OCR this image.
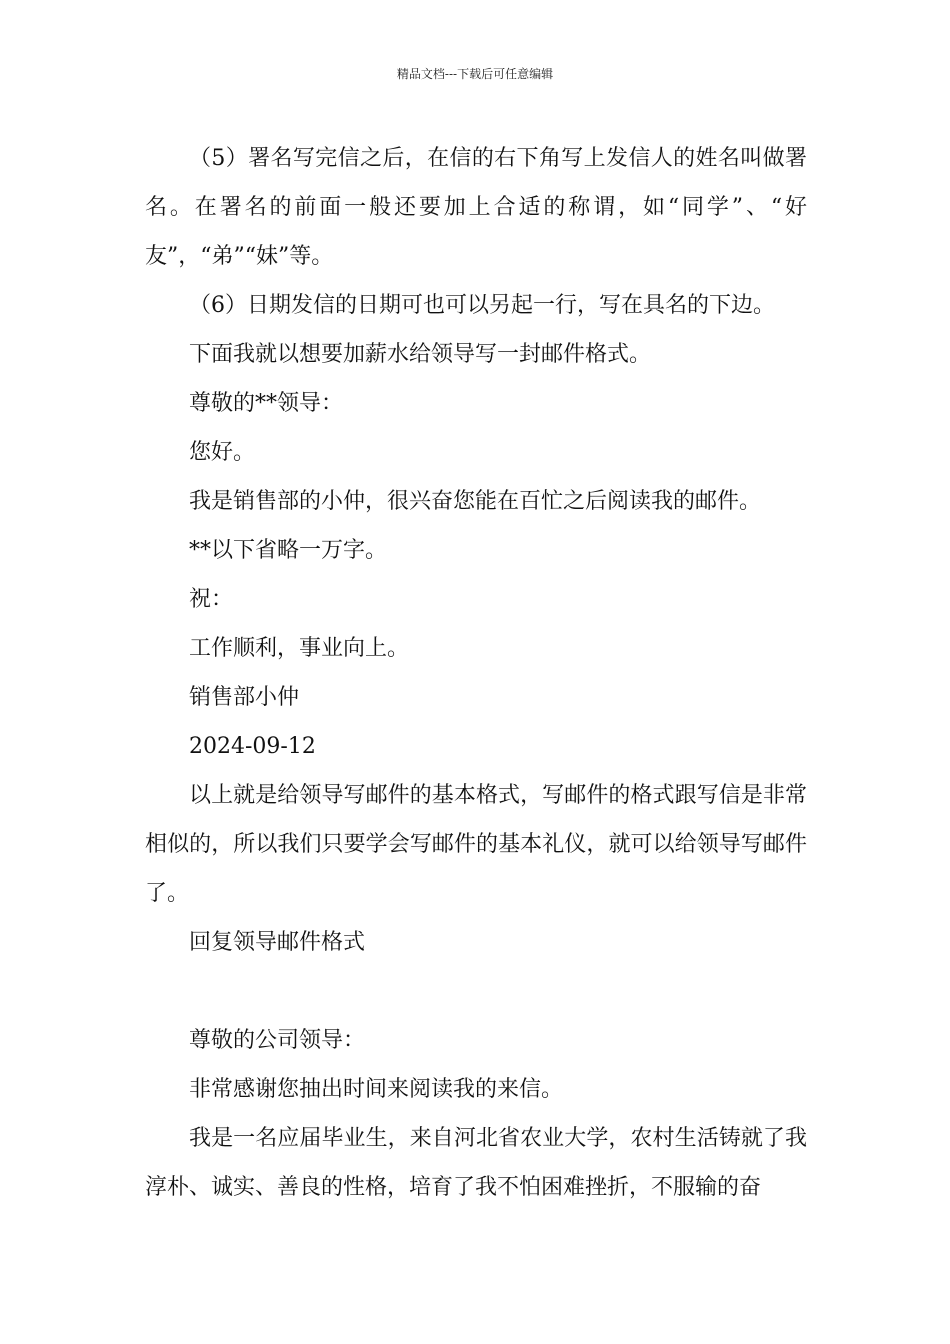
精品文档---下载后可任意编辑

（5）署名写完信之后，在信的右下角写上发信人的姓名叫做署名。在署名的前面一般还要加上合适的称谓，如“同学”、“好友”，“弟”“妹”等。

（6）日期发信的日期可也可以另起一行，写在具名的下边。

下面我就以想要加薪水给领导写一封邮件格式。

尊敬的**领导：

您好。

我是销售部的小仲，很兴奋您能在百忙之后阅读我的邮件。

**以下省略一万字。

祝：

工作顺利，事业向上。

销售部小仲

2024-09-12

以上就是给领导写邮件的基本格式，写邮件的格式跟写信是非常相似的，所以我们只要学会写邮件的基本礼仪，就可以给领导写邮件了。

回复领导邮件格式

尊敬的公司领导：

非常感谢您抽出时间来阅读我的来信。

我是一名应届毕业生，来自河北省农业大学，农村生活铸就了我淳朴、诚实、善良的性格，培育了我不怕困难挫折，不服输的奋
